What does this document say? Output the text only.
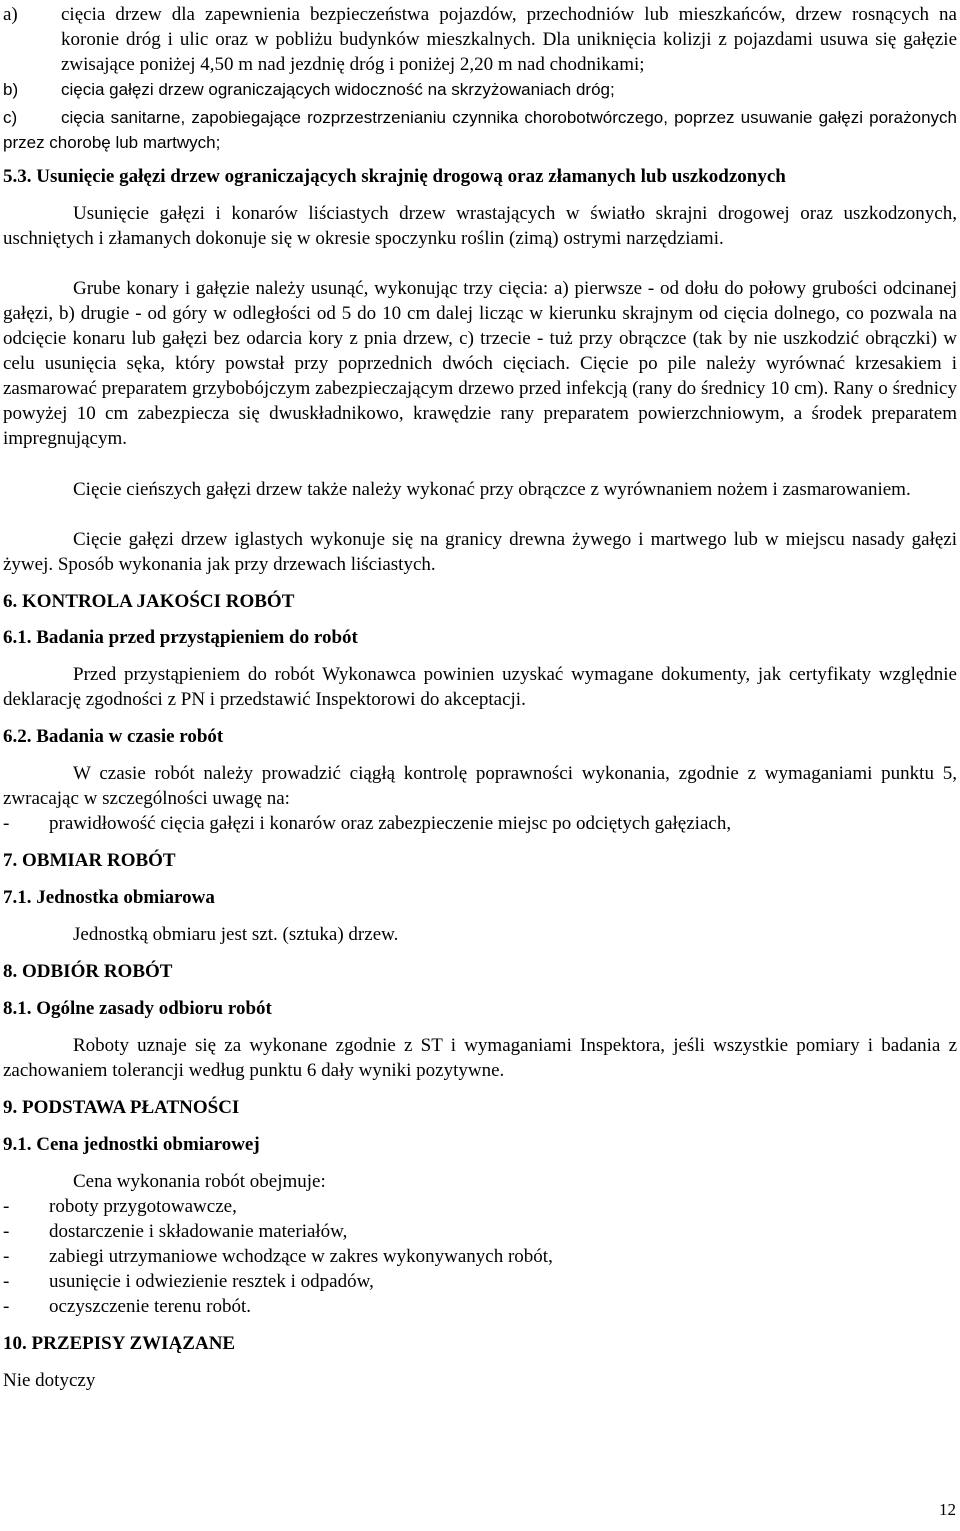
a)	cięcia drzew dla zapewnienia bezpieczeństwa pojazdów, przechodniów lub mieszkańców, drzew rosnących na koronie dróg i ulic oraz w pobliżu budynków mieszkalnych. Dla uniknięcia kolizji z pojazdami usuwa się gałęzie zwisające poniżej 4,50 m nad jezdnię dróg i poniżej 2,20 m nad chodnikami;
b)	cięcia gałęzi drzew ograniczających widoczność na skrzyżowaniach dróg;
c)	cięcia sanitarne, zapobiegające rozprzestrzenianiu czynnika chorobotwórczego, poprzez usuwanie gałęzi porażonych przez chorobę lub martwych;
5.3. Usunięcie gałęzi drzew ograniczających skrajnię drogową oraz złamanych lub uszkodzonych
Usunięcie gałęzi i konarów liściastych drzew wrastających w światło skrajni drogowej oraz uszkodzonych, uschniętych i złamanych dokonuje się w okresie spoczynku roślin (zimą) ostrymi narzędziami.
Grube konary i gałęzie należy usunąć, wykonując trzy cięcia: a) pierwsze - od dołu do połowy grubości odcinanej gałęzi, b) drugie - od góry w odległości od 5 do 10 cm dalej licząc w kierunku skrajnym od cięcia dolnego, co pozwala na odcięcie konaru lub gałęzi bez odarcia kory z pnia drzew, c) trzecie - tuż przy obrączce (tak by nie uszkodzić obrączki) w celu usunięcia sęka, który powstał przy poprzednich dwóch cięciach. Cięcie po pile należy wyrównać krzesakiem i zasmarować preparatem grzybobójczym zabezpieczającym drzewo przed infekcją (rany do średnicy 10 cm). Rany o średnicy powyżej 10 cm zabezpiecza się dwuskładnikowo, krawędzie rany preparatem powierzchniowym, a środek preparatem impregnującym.
Cięcie cieńszych gałęzi drzew także należy wykonać przy obrączce z wyrównaniem nożem i zasmarowaniem.
Cięcie gałęzi drzew iglastych wykonuje się na granicy drewna żywego i martwego lub w miejscu nasady gałęzi żywej. Sposób wykonania jak przy drzewach liściastych.
6. KONTROLA JAKOŚCI ROBÓT
6.1. Badania przed przystąpieniem do robót
Przed przystąpieniem do robót Wykonawca powinien uzyskać wymagane dokumenty, jak certyfikaty względnie deklarację zgodności z PN i przedstawić Inspektorowi do akceptacji.
6.2. Badania w czasie robót
W czasie robót należy prowadzić ciągłą kontrolę poprawności wykonania, zgodnie z wymaganiami punktu 5, zwracając w szczególności uwagę na:
- prawidłowość cięcia gałęzi i konarów oraz zabezpieczenie miejsc po odciętych gałęziach,
7. OBMIAR ROBÓT
7.1. Jednostka obmiarowa
Jednostką obmiaru jest szt. (sztuka) drzew.
8. ODBIÓR ROBÓT
8.1. Ogólne zasady odbioru robót
Roboty uznaje się za wykonane zgodnie z ST i wymaganiami Inspektora, jeśli wszystkie pomiary i badania z zachowaniem tolerancji według punktu 6 dały wyniki pozytywne.
9. PODSTAWA PŁATNOŚCI
9.1. Cena jednostki obmiarowej
Cena wykonania robót obejmuje:
- roboty przygotowawcze,
- dostarczenie i składowanie materiałów,
- zabiegi utrzymaniowe wchodzące w zakres wykonywanych robót,
- usunięcie i odwiezienie resztek i odpadów,
- oczyszczenie terenu robót.
10. PRZEPISY ZWIĄZANE
Nie dotyczy
12
